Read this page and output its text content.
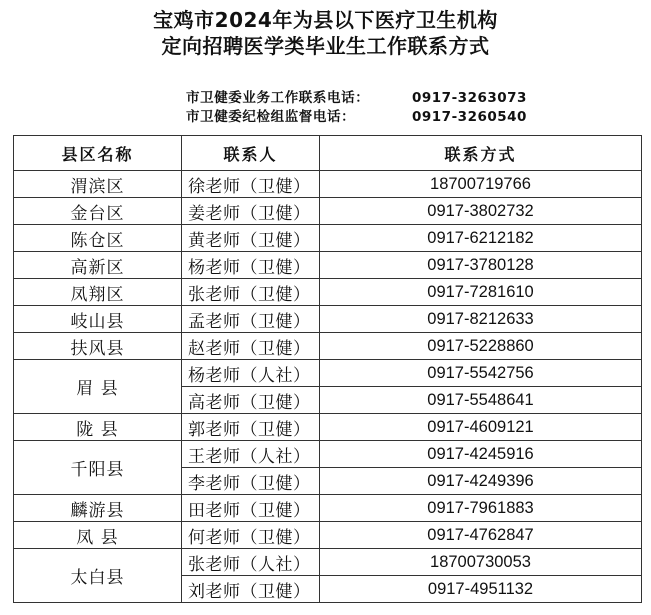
宝鸡市2024年为县以下医疗卫生机构
定向招聘医学类毕业生工作联系方式
市卫健委业务工作联系电话：	0917-3263073
市卫健委纪检组监督电话：	0917-3260540
县区名称	联系人	联系方式
渭滨区	徐老师（卫健）	18700719766
金台区	姜老师（卫健）	0917-3802732
陈仓区	黄老师（卫健）	0917-6212182
高新区	杨老师（卫健）	0917-3780128
凤翔区	张老师（卫健）	0917-7281610
岐山县	孟老师（卫健）	0917-8212633
扶风县	赵老师（卫健）	0917-5228860
眉 县	杨老师（人社）	0917-5542756
	高老师（卫健）	0917-5548641
陇 县	郭老师（卫健）	0917-4609121
千阳县	王老师（人社）	0917-4245916
	李老师（卫健）	0917-4249396
麟游县	田老师（卫健）	0917-7961883
凤 县	何老师（卫健）	0917-4762847
太白县	张老师（人社）	18700730053
	刘老师（卫健）	0917-4951132
